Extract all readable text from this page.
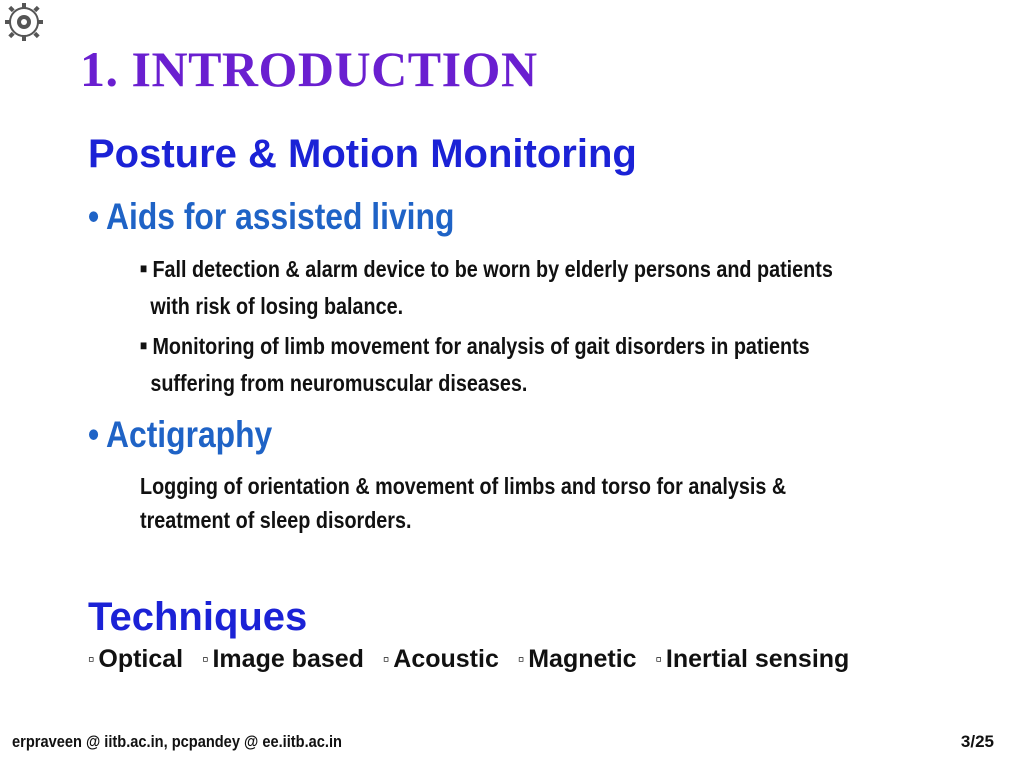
1. INTRODUCTION
Posture & Motion Monitoring
• Aids for assisted living
■ Fall detection & alarm device to be worn by elderly persons and patients
with risk of losing balance.
■ Monitoring of limb movement for analysis of gait disorders in patients
suffering from neuromuscular diseases.
• Actigraphy
Logging of orientation & movement of limbs and torso for analysis &
treatment of sleep disorders.
Techniques
▫ Optical ▫ Image based ▫ Acoustic ▫ Magnetic ▫ Inertial sensing
erpraveen @ iitb.ac.in, pcpandey @ ee.iitb.ac.in	3/25
